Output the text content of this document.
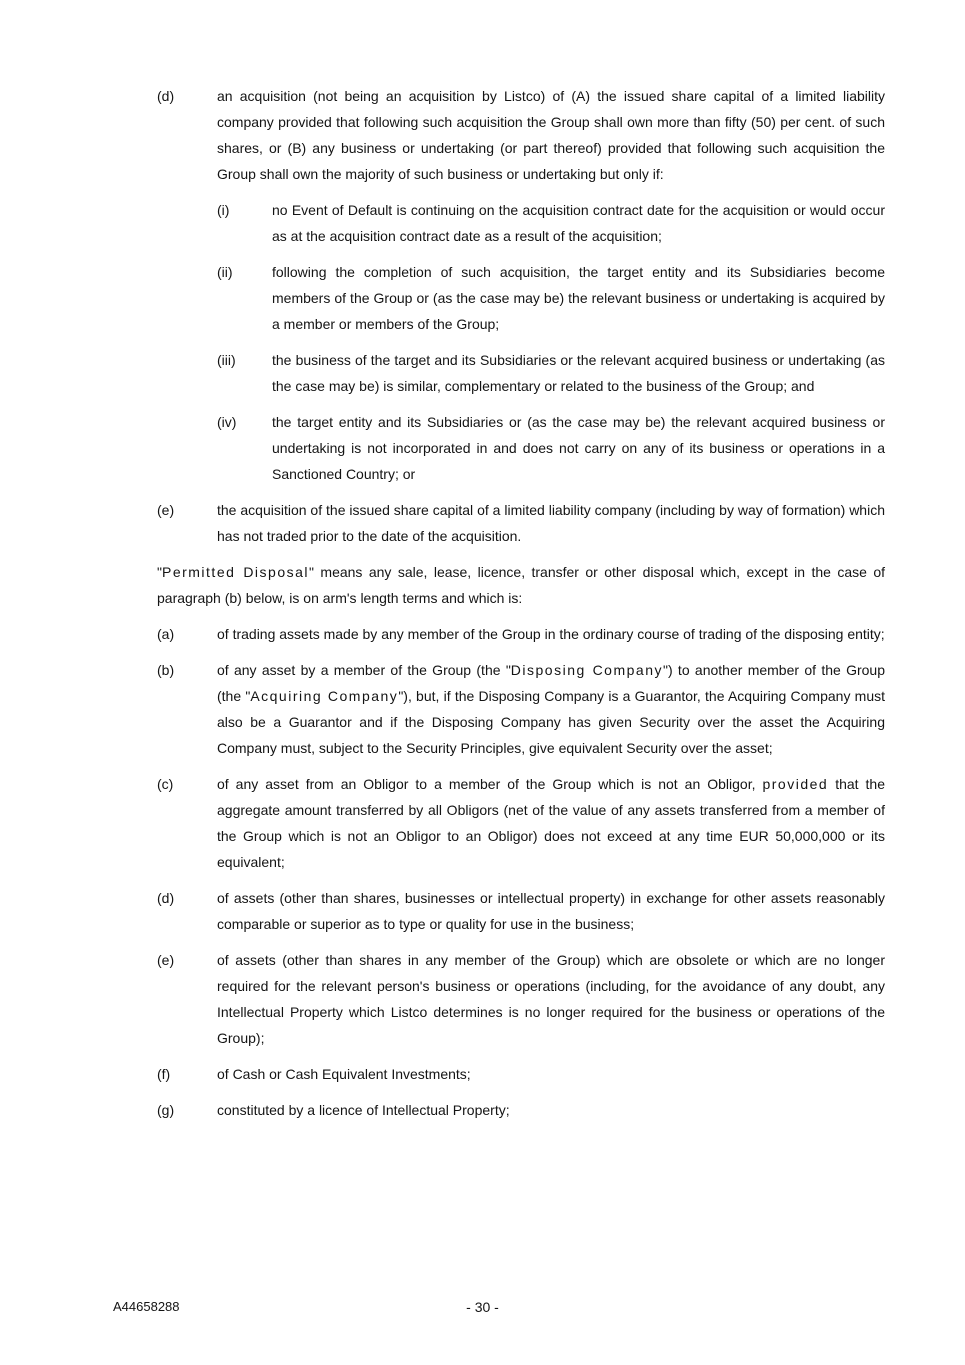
(d)	an acquisition (not being an acquisition by Listco) of (A) the issued share capital of a limited liability company provided that following such acquisition the Group shall own more than fifty (50) per cent. of such shares, or (B) any business or undertaking (or part thereof) provided that following such acquisition the Group shall own the majority of such business or undertaking but only if:
(i)	no Event of Default is continuing on the acquisition contract date for the acquisition or would occur as at the acquisition contract date as a result of the acquisition;
(ii)	following the completion of such acquisition, the target entity and its Subsidiaries become members of the Group or (as the case may be) the relevant business or undertaking is acquired by a member or members of the Group;
(iii)	the business of the target and its Subsidiaries or the relevant acquired business or undertaking (as the case may be) is similar, complementary or related to the business of the Group; and
(iv)	the target entity and its Subsidiaries or (as the case may be) the relevant acquired business or undertaking is not incorporated in and does not carry on any of its business or operations in a Sanctioned Country; or
(e)	the acquisition of the issued share capital of a limited liability company (including by way of formation) which has not traded prior to the date of the acquisition.
"Permitted Disposal" means any sale, lease, licence, transfer or other disposal which, except in the case of paragraph (b) below, is on arm's length terms and which is:
(a)	of trading assets made by any member of the Group in the ordinary course of trading of the disposing entity;
(b)	of any asset by a member of the Group (the "Disposing Company") to another member of the Group (the "Acquiring Company"), but, if the Disposing Company is a Guarantor, the Acquiring Company must also be a Guarantor and if the Disposing Company has given Security over the asset the Acquiring Company must, subject to the Security Principles, give equivalent Security over the asset;
(c)	of any asset from an Obligor to a member of the Group which is not an Obligor, provided that the aggregate amount transferred by all Obligors (net of the value of any assets transferred from a member of the Group which is not an Obligor to an Obligor) does not exceed at any time EUR 50,000,000 or its equivalent;
(d)	of assets (other than shares, businesses or intellectual property) in exchange for other assets reasonably comparable or superior as to type or quality for use in the business;
(e)	of assets (other than shares in any member of the Group) which are obsolete or which are no longer required for the relevant person's business or operations (including, for the avoidance of any doubt, any Intellectual Property which Listco determines is no longer required for the business or operations of the Group);
(f)	of Cash or Cash Equivalent Investments;
(g)	constituted by a licence of Intellectual Property;
A44658288	- 30 -
